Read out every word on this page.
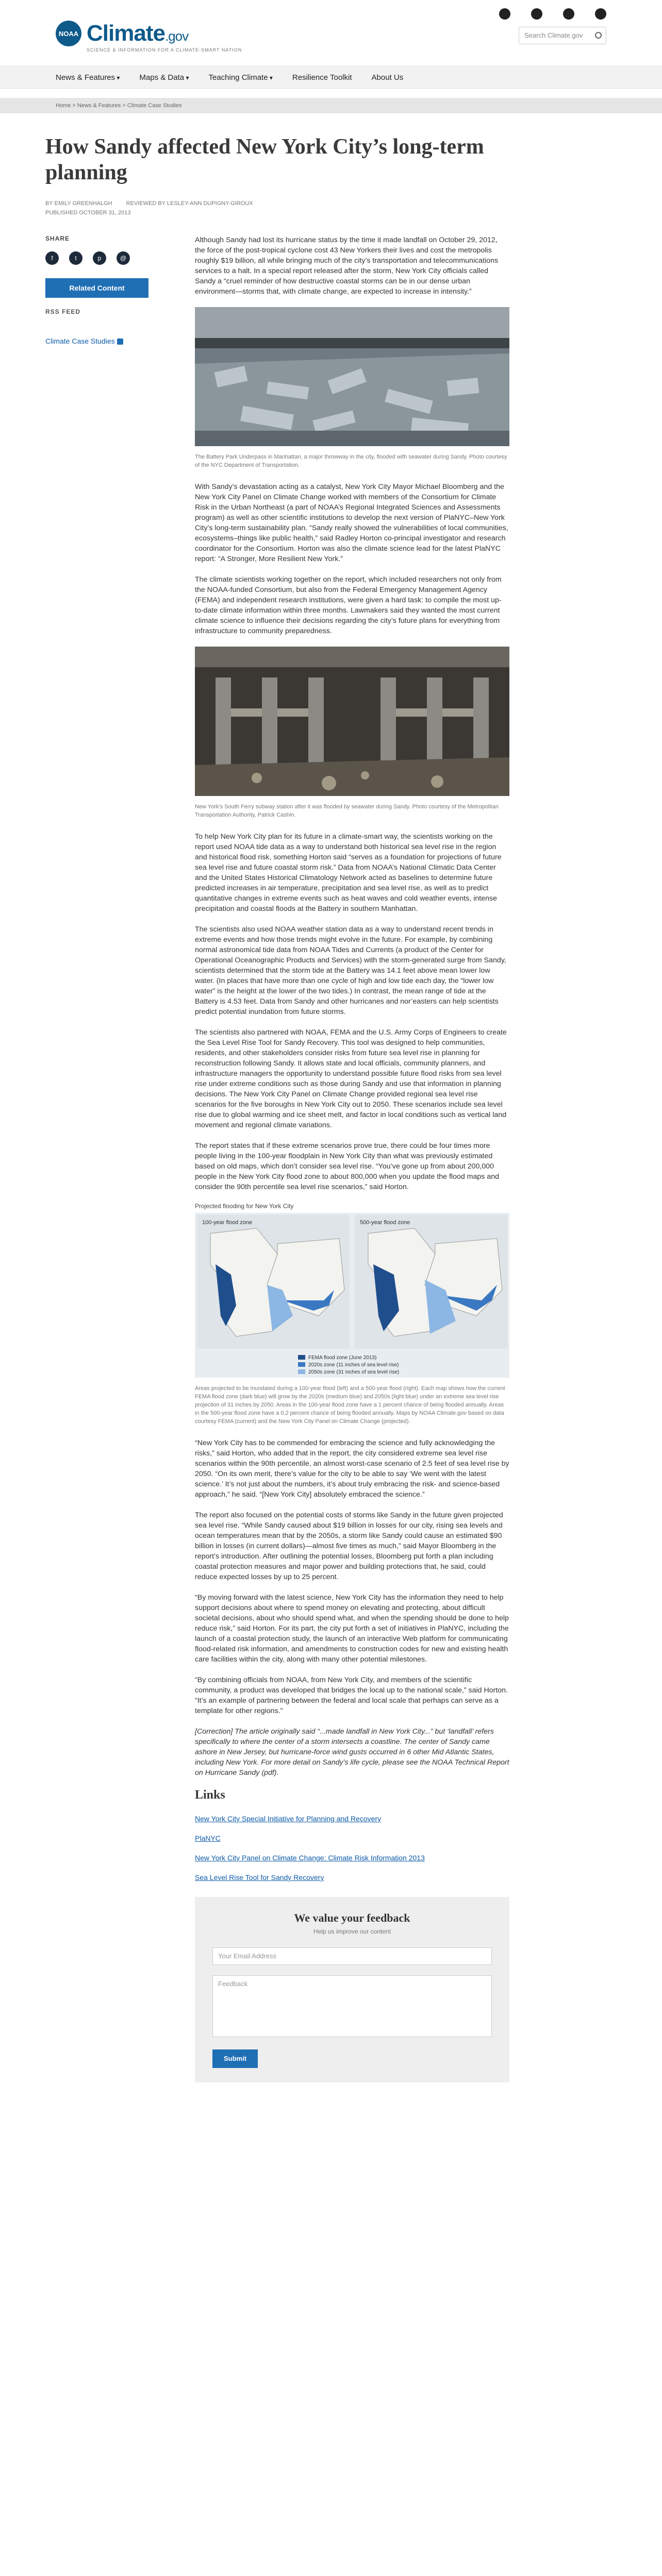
NOAA Climate.gov
SCIENCE & INFORMATION FOR A CLIMATE-SMART NATION
Search Climate.gov
News & Features ▾	Maps & Data ▾	Teaching Climate ▾	Resilience Toolkit	About Us
Home > News & Features > Climate Case Studies
How Sandy affected New York City’s long-term planning
BY EMILY GREENHALGH REVIEWED BY LESLEY-ANN DUPIGNY-GIROUX
PUBLISHED OCTOBER 31, 2013
SHARE
f	t	p	@
Related Content
RSS FEED
Climate Case Studies

Although Sandy had lost its hurricane status by the time it made landfall on October 29, 2012, the force of the post-tropical cyclone cost 43 New Yorkers their lives and cost the metropolis roughly $19 billion, all while bringing much of the city’s transportation and telecommunications services to a halt. In a special report released after the storm, New York City officials called Sandy a “cruel reminder of how destructive coastal storms can be in our dense urban environment—storms that, with climate change, are expected to increase in intensity.”

The Battery Park Underpass in Manhattan, a major throwway in the city, flooded with seawater during Sandy. Photo courtesy of the NYC Department of Transportation.

With Sandy’s devastation acting as a catalyst, New York City Mayor Michael Bloomberg and the New York City Panel on Climate Change worked with members of the Consortium for Climate Risk in the Urban Northeast (a part of NOAA’s Regional Integrated Sciences and Assessments program) as well as other scientific institutions to develop the next version of PlaNYC–New York City’s long-term sustainability plan. “Sandy really showed the vulnerabilities of local communities, ecosystems–things like public health,” said Radley Horton co-principal investigator and research coordinator for the Consortium. Horton was also the climate science lead for the latest PlaNYC report: “A Stronger, More Resilient New York.”

The climate scientists working together on the report, which included researchers not only from the NOAA-funded Consortium, but also from the Federal Emergency Management Agency (FEMA) and independent research institutions, were given a hard task: to compile the most up-to-date climate information within three months. Lawmakers said they wanted the most current climate science to influence their decisions regarding the city’s future plans for everything from infrastructure to community preparedness.

New York’s South Ferry subway station after it was flooded by seawater during Sandy. Photo courtesy of the Metropolitan Transportation Authority, Patrick Cashin.

To help New York City plan for its future in a climate-smart way, the scientists working on the report used NOAA tide data as a way to understand both historical sea level rise in the region and historical flood risk, something Horton said “serves as a foundation for projections of future sea level rise and future coastal storm risk.” Data from NOAA’s National Climatic Data Center and the United States Historical Climatology Network acted as baselines to determine future predicted increases in air temperature, precipitation and sea level rise, as well as to predict quantitative changes in extreme events such as heat waves and cold weather events, intense precipitation and coastal floods at the Battery in southern Manhattan.

The scientists also used NOAA weather station data as a way to understand recent trends in extreme events and how those trends might evolve in the future. For example, by combining normal astronomical tide data from NOAA Tides and Currents (a product of the Center for Operational Oceanographic Products and Services) with the storm-generated surge from Sandy, scientists determined that the storm tide at the Battery was 14.1 feet above mean lower low water. (In places that have more than one cycle of high and low tide each day, the “lower low water” is the height at the lower of the two tides.) In contrast, the mean range of tide at the Battery is 4.53 feet. Data from Sandy and other hurricanes and nor’easters can help scientists predict potential inundation from future storms.

The scientists also partnered with NOAA, FEMA and the U.S. Army Corps of Engineers to create the Sea Level Rise Tool for Sandy Recovery. This tool was designed to help communities, residents, and other stakeholders consider risks from future sea level rise in planning for reconstruction following Sandy. It allows state and local officials, community planners, and infrastructure managers the opportunity to understand possible future flood risks from sea level rise under extreme conditions such as those during Sandy and use that information in planning decisions. The New York City Panel on Climate Change provided regional sea level rise scenarios for the five boroughs in New York City out to 2050. These scenarios include sea level rise due to global warming and ice sheet melt, and factor in local conditions such as vertical land movement and regional climate variations.

The report states that if these extreme scenarios prove true, there could be four times more people living in the 100-year floodplain in New York City than what was previously estimated based on old maps, which don’t consider sea level rise. “You’ve gone up from about 200,000 people in the New York City flood zone to about 800,000 when you update the flood maps and consider the 90th percentile sea level rise scenarios,” said Horton.

Projected flooding for New York City
100-year flood zone	500-year flood zone
FEMA flood zone (June 2013)
2020s zone (11 inches of sea level rise)
2050s zone (31 inches of sea level rise)
Areas projected to be inundated during a 100-year flood (left) and a 500-year flood (right). Each map shows how the current FEMA flood zone (dark blue) will grow by the 2020s (medium blue) and 2050s (light blue) under an extreme sea level rise projection of 31 inches by 2050. Areas in the 100-year flood zone have a 1 percent chance of being flooded annually. Areas in the 500-year flood zone have a 0.2 percent chance of being flooded annually. Maps by NOAA Climate.gov based on data courtesy FEMA (current) and the New York City Panel on Climate Change (projected).

“New York City has to be commended for embracing the science and fully acknowledging the risks,” said Horton, who added that in the report, the city considered extreme sea level rise scenarios within the 90th percentile, an almost worst-case scenario of 2.5 feet of sea level rise by 2050. “On its own merit, there’s value for the city to be able to say ‘We went with the latest science.’ It’s not just about the numbers, it’s about truly embracing the risk- and science-based approach,” he said. “[New York City] absolutely embraced the science.”

The report also focused on the potential costs of storms like Sandy in the future given projected sea level rise. “While Sandy caused about $19 billion in losses for our city, rising sea levels and ocean temperatures mean that by the 2050s, a storm like Sandy could cause an estimated $90 billion in losses (in current dollars)—almost five times as much,” said Mayor Bloomberg in the report’s introduction. After outlining the potential losses, Bloomberg put forth a plan including coastal protection measures and major power and building protections that, he said, could reduce expected losses by up to 25 percent.

“By moving forward with the latest science, New York City has the information they need to help support decisions about where to spend money on elevating and protecting, about difficult societal decisions, about who should spend what, and when the spending should be done to help reduce risk,” said Horton. For its part, the city put forth a set of initiatives in PlaNYC, including the launch of a coastal protection study, the launch of an interactive Web platform for communicating flood-related risk information, and amendments to construction codes for new and existing health care facilities within the city, along with many other potential milestones.

“By combining officials from NOAA, from New York City, and members of the scientific community, a product was developed that bridges the local up to the national scale,” said Horton. “It’s an example of partnering between the federal and local scale that perhaps can serve as a template for other regions.”

[Correction] The article originally said “...made landfall in New York City...” but ‘landfall’ refers specifically to where the center of a storm intersects a coastline. The center of Sandy came ashore in New Jersey, but hurricane-force wind gusts occurred in 6 other Mid Atlantic States, including New York. For more detail on Sandy’s life cycle, please see the NOAA Technical Report on Hurricane Sandy (pdf).

Links
New York City Special Initiative for Planning and Recovery
PlaNYC
New York City Panel on Climate Change: Climate Risk Information 2013
Sea Level Rise Tool for Sandy Recovery
We value your feedback
Help us improve our content
Your Email Address
Feedback
Submit
